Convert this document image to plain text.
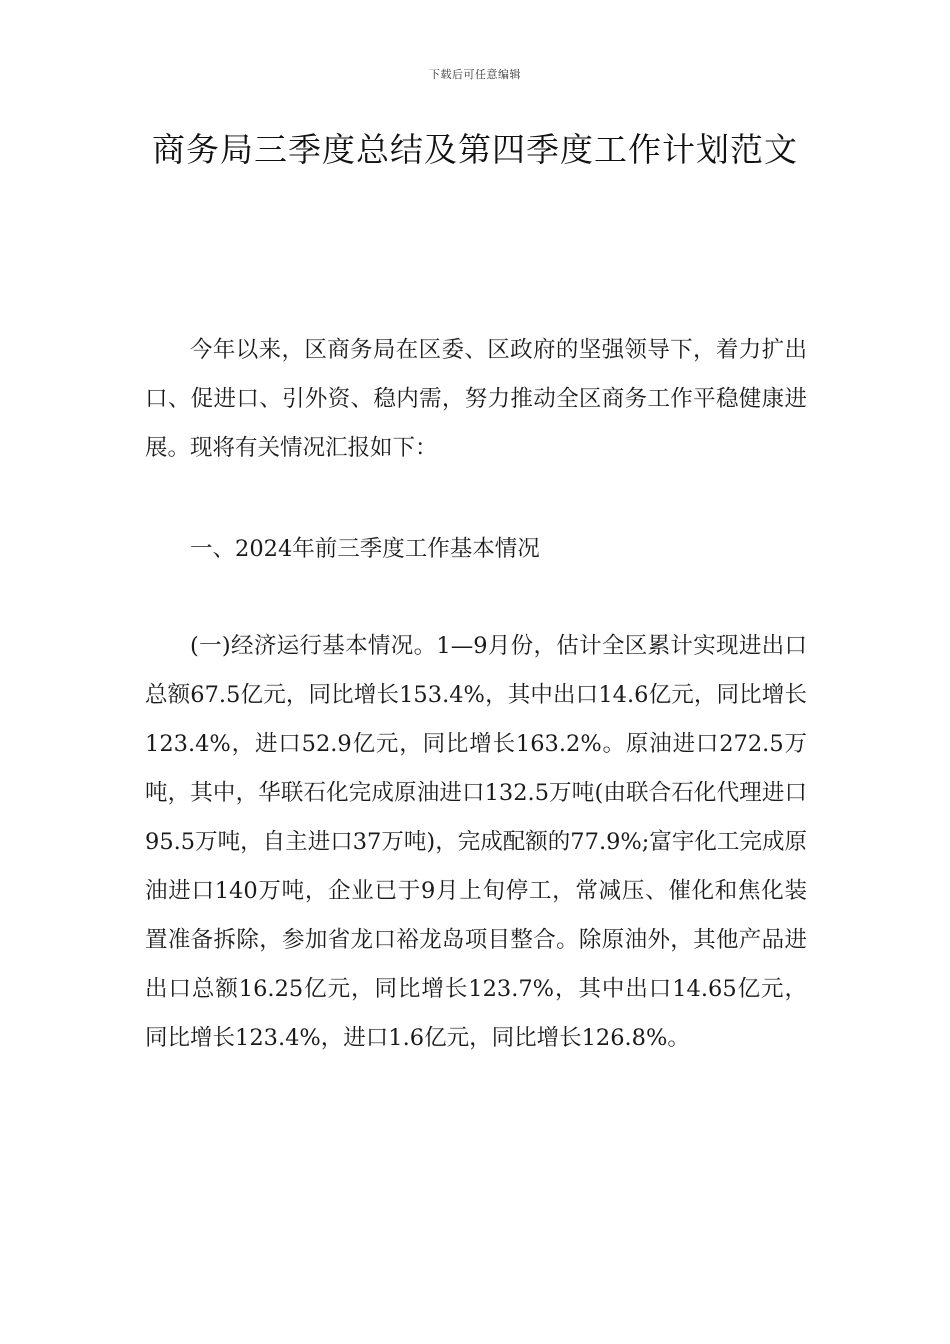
下载后可任意编辑
商务局三季度总结及第四季度工作计划范文

今年以来，区商务局在区委、区政府的坚强领导下，着力扩出口、促进口、引外资、稳内需，努力推动全区商务工作平稳健康进展。现将有关情况汇报如下：

一、2024年前三季度工作基本情况

(一)经济运行基本情况。1—9月份，估计全区累计实现进出口总额67.5亿元，同比增长153.4%，其中出口14.6亿元，同比增长123.4%，进口52.9亿元，同比增长163.2%。原油进口272.5万吨，其中，华联石化完成原油进口132.5万吨(由联合石化代理进口95.5万吨，自主进口37万吨)，完成配额的77.9%;富宇化工完成原油进口140万吨，企业已于9月上旬停工，常减压、催化和焦化装置准备拆除，参加省龙口裕龙岛项目整合。除原油外，其他产品进出口总额16.25亿元，同比增长123.7%，其中出口14.65亿元，同比增长123.4%，进口1.6亿元，同比增长126.8%。
